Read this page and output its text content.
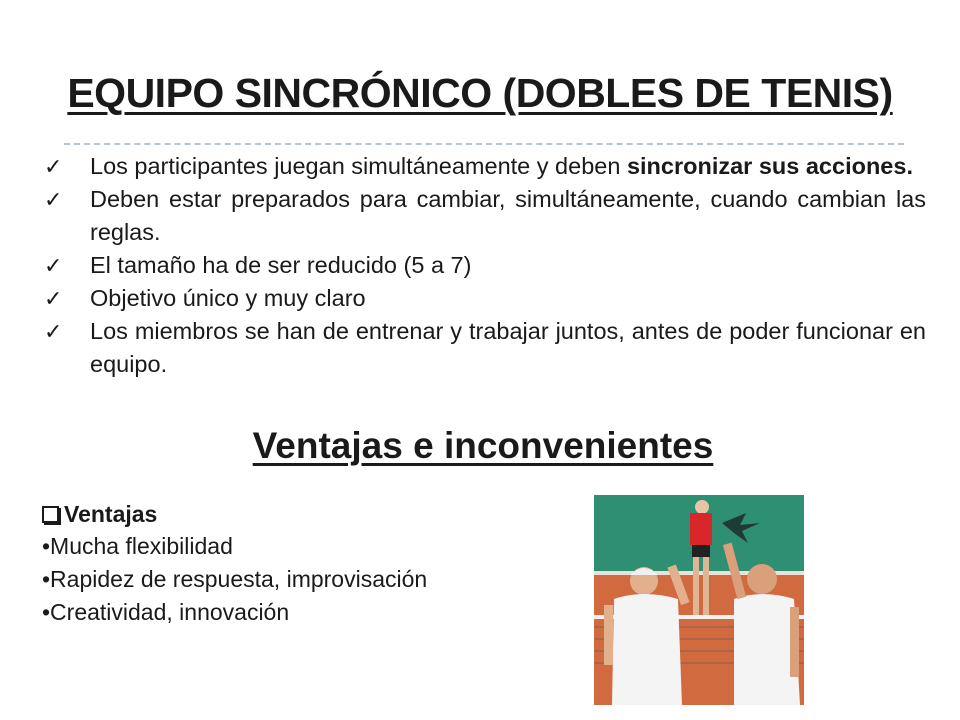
EQUIPO SINCRÓNICO (DOBLES DE TENIS)
✓	Los participantes juegan simultáneamente y deben sincronizar sus acciones.
✓	Deben estar preparados para cambiar, simultáneamente, cuando cambian las reglas.
✓	El tamaño ha de ser reducido (5 a 7)
✓	Objetivo único y muy claro
✓	Los miembros se han de entrenar y trabajar juntos, antes de poder funcionar en equipo.
Ventajas e inconvenientes
Ventajas
•Mucha flexibilidad
•Rapidez de respuesta, improvisación
•Creatividad, innovación
